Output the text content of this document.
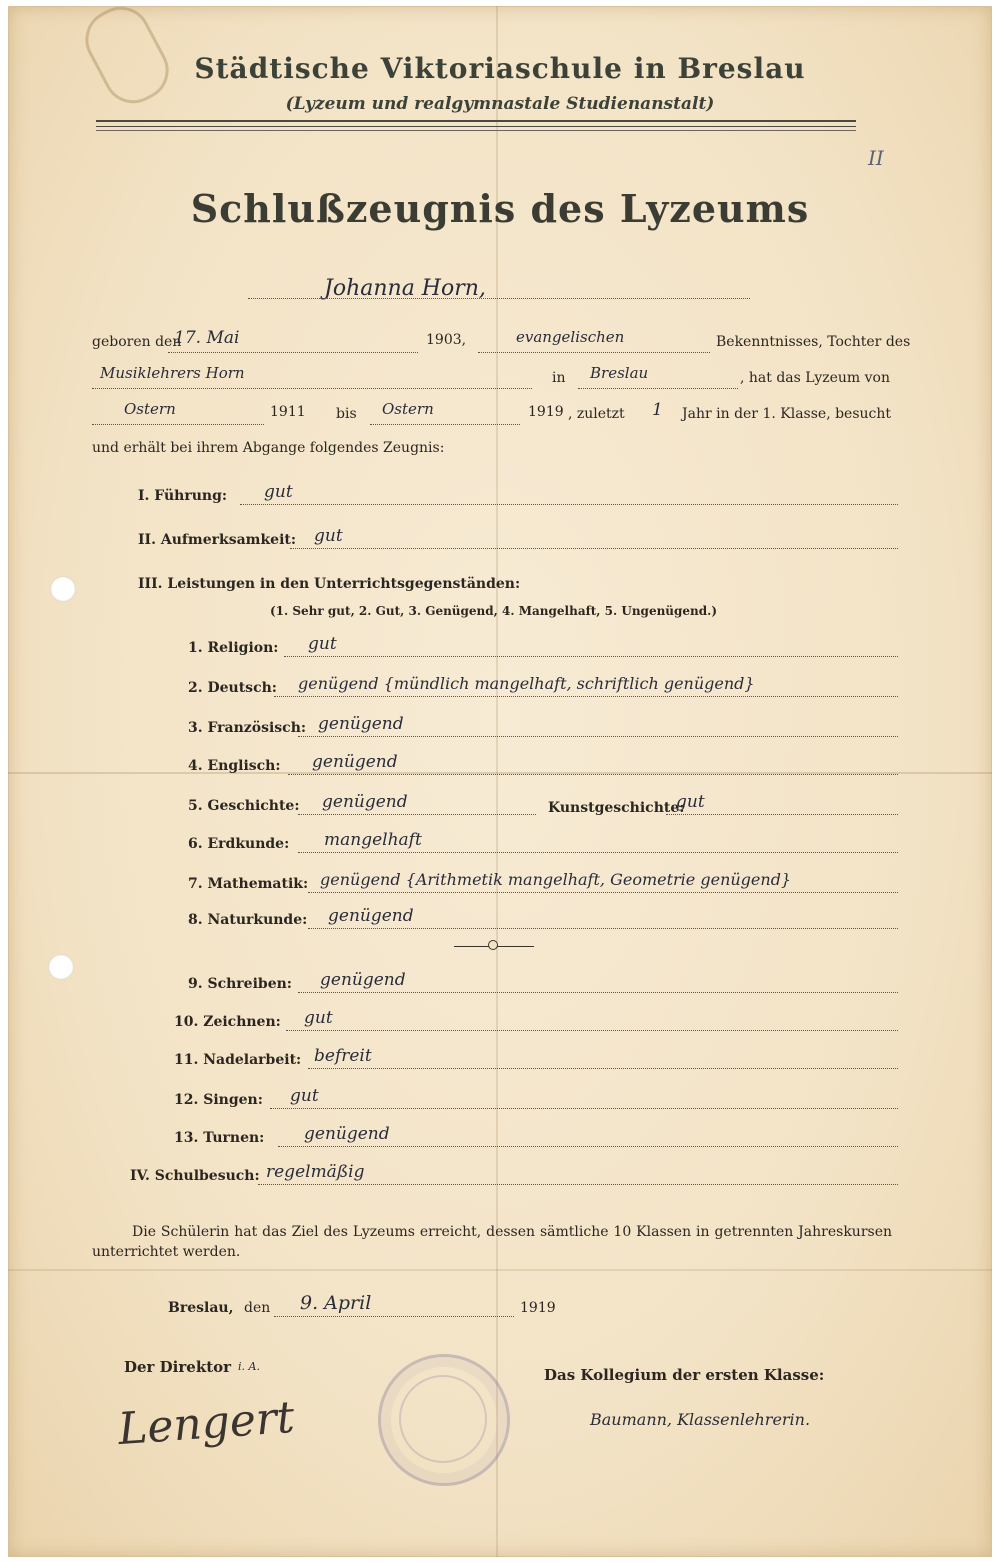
Städtische Viktoriaschule in Breslau
(Lyzeum und realgymnastale Studienanstalt)
II
Schlußzeugnis des Lyzeums
Johanna Horn,
geboren den
17. Mai	1903,	evangelischen	Bekenntnisses, Tochter des
Musiklehrers Horn	in Breslau	, hat das Lyzeum von
Ostern	1911 bis Ostern	1919 , zuletzt 1 Jahr in der 1. Klasse, besucht
und erhält bei ihrem Abgange folgendes Zeugnis:
I. Führung: gut
II. Aufmerksamkeit: gut
III. Leistungen in den Unterrichtsgegenständen:
(1. Sehr gut, 2. Gut, 3. Genügend, 4. Mangelhaft, 5. Ungenügend.)
1. Religion: gut
2. Deutsch: genügend {mündlich mangelhaft, schriftlich genügend}
3. Französisch: genügend
4. Englisch: genügend
5. Geschichte: genügend	Kunstgeschichte:
gut
6. Erdkunde: mangelhaft
7. Mathematik: genügend {Arithmetik mangelhaft, Geometrie genügend}
8. Naturkunde: genügend
9. Schreiben: genügend
10. Zeichnen: gut
11. Nadelarbeit: befreit
12. Singen: gut
13. Turnen: genügend
IV. Schulbesuch: regelmäßig
Die Schülerin hat das Ziel des Lyzeums erreicht, dessen sämtliche 10 Klassen in getrennten Jahreskursen unterrichtet werden.
Breslau, den 9. April	1919
Der Direktor i. A.
Lengert
Das Kollegium der ersten Klasse:
Baumann, Klassenlehrerin.
